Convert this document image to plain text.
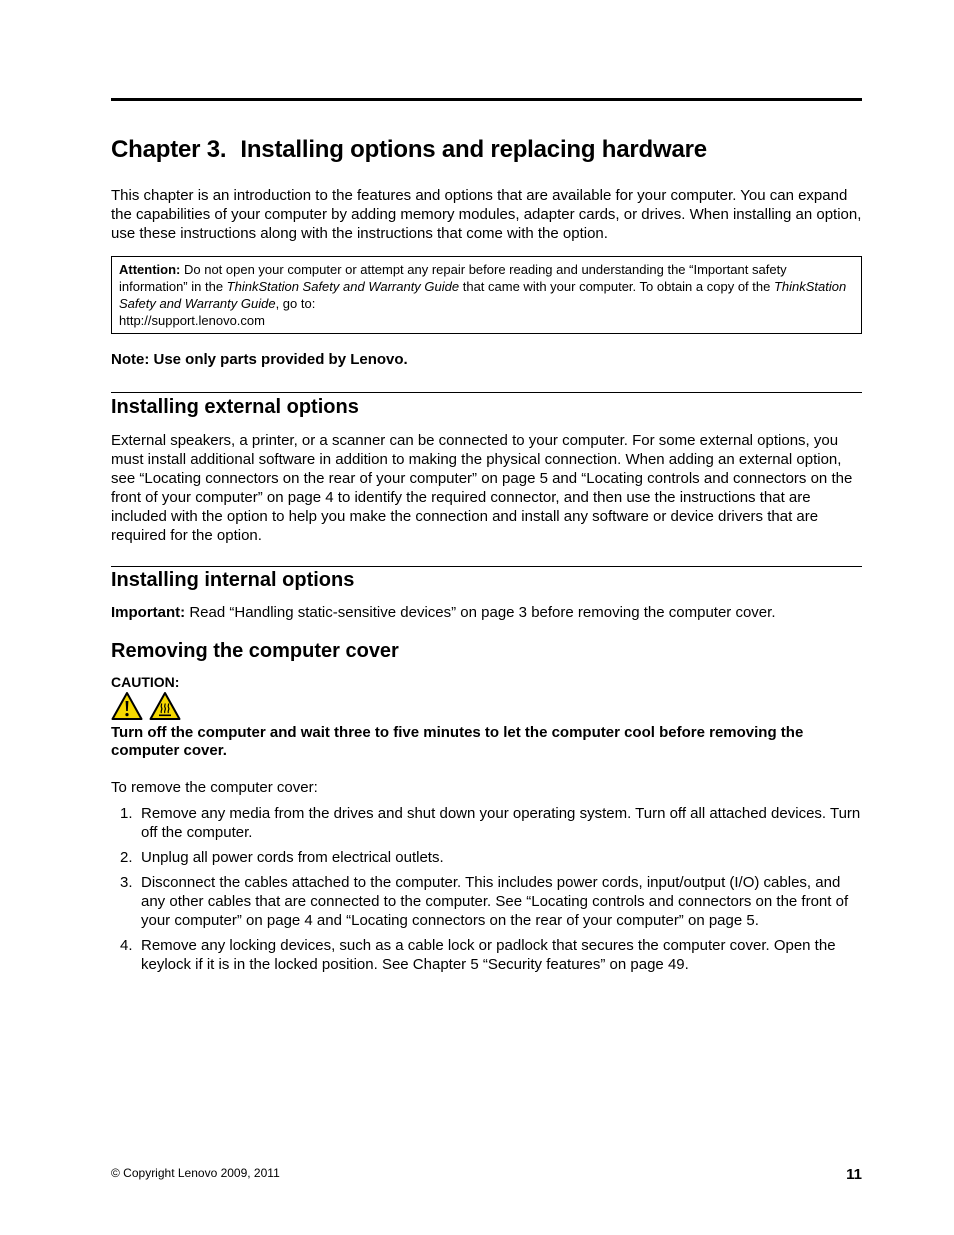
Chapter 3. Installing options and replacing hardware

This chapter is an introduction to the features and options that are available for your computer. You can expand the capabilities of your computer by adding memory modules, adapter cards, or drives. When installing an option, use these instructions along with the instructions that come with the option.

Attention: Do not open your computer or attempt any repair before reading and understanding the “Important safety information” in the ThinkStation Safety and Warranty Guide that came with your computer. To obtain a copy of the ThinkStation Safety and Warranty Guide, go to:
http://support.lenovo.com

Note: Use only parts provided by Lenovo.

Installing external options

External speakers, a printer, or a scanner can be connected to your computer. For some external options, you must install additional software in addition to making the physical connection. When adding an external option, see “Locating connectors on the rear of your computer” on page 5 and “Locating controls and connectors on the front of your computer” on page 4 to identify the required connector, and then use the instructions that are included with the option to help you make the connection and install any software or device drivers that are required for the option.

Installing internal options

Important: Read “Handling static-sensitive devices” on page 3 before removing the computer cover.

Removing the computer cover
CAUTION:

Turn off the computer and wait three to five minutes to let the computer cool before removing the computer cover.

To remove the computer cover:

1. Remove any media from the drives and shut down your operating system. Turn off all attached devices. Turn off the computer.
2. Unplug all power cords from electrical outlets.
3. Disconnect the cables attached to the computer. This includes power cords, input/output (I/O) cables, and any other cables that are connected to the computer. See “Locating controls and connectors on the front of your computer” on page 4 and “Locating connectors on the rear of your computer” on page 5.
4. Remove any locking devices, such as a cable lock or padlock that secures the computer cover. Open the keylock if it is in the locked position. See Chapter 5 “Security features” on page 49.
© Copyright Lenovo 2009, 2011	11
